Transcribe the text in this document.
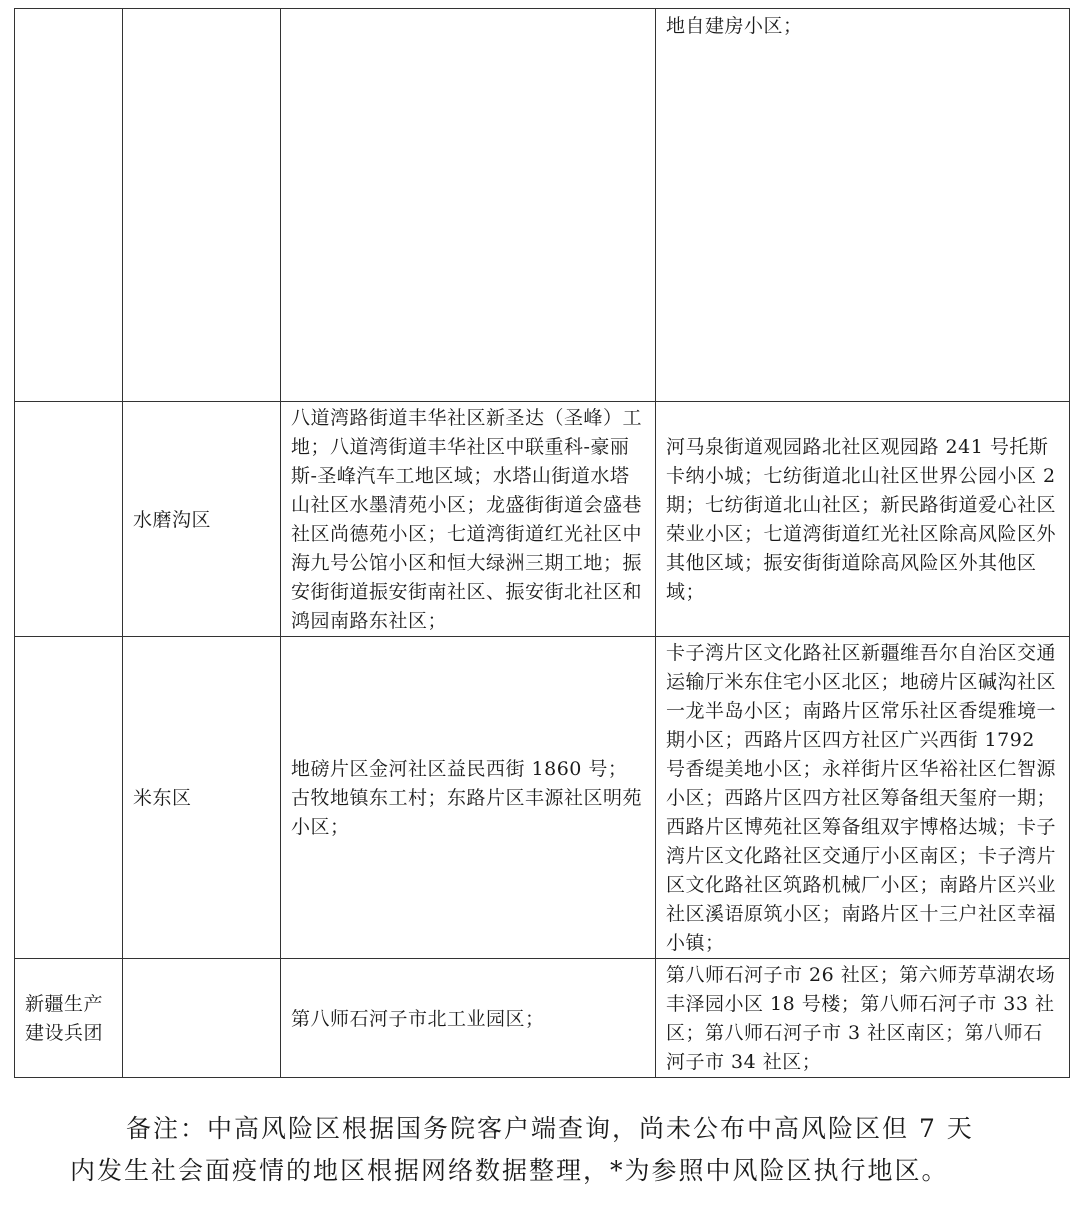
			地自建房小区；

	水磨沟区	八道湾路街道丰华社区新圣达（圣峰）工地；八道湾街道丰华社区中联重科-豪丽斯-圣峰汽车工地区域；水塔山街道水塔山社区水墨清苑小区；龙盛街街道会盛巷社区尚德苑小区；七道湾街道红光社区中海九号公馆小区和恒大绿洲三期工地；振安街街道振安街南社区、振安街北社区和鸿园南路东社区；	河马泉街道观园路北社区观园路 241 号托斯卡纳小城；七纺街道北山社区世界公园小区 2 期；七纺街道北山社区；新民路街道爱心社区荣业小区；七道湾街道红光社区除高风险区外其他区域；振安街街道除高风险区外其他区域；

	米东区	地磅片区金河社区益民西街 1860 号；古牧地镇东工村；东路片区丰源社区明苑小区；	卡子湾片区文化路社区新疆维吾尔自治区交通运输厅米东住宅小区北区；地磅片区碱沟社区一龙半岛小区；南路片区常乐社区香缇雅境一期小区；西路片区四方社区广兴西街 1792 号香缇美地小区；永祥街片区华裕社区仁智源小区；西路片区四方社区筹备组天玺府一期；西路片区博苑社区筹备组双宇博格达城；卡子湾片区文化路社区交通厅小区南区；卡子湾片区文化路社区筑路机械厂小区；南路片区兴业社区溪语原筑小区；南路片区十三户社区幸福小镇；

新疆生产建设兵团		第八师石河子市北工业园区；	第八师石河子市 26 社区；第六师芳草湖农场丰泽园小区 18 号楼；第八师石河子市 33 社区；第八师石河子市 3 社区南区；第八师石河子市 34 社区；

备注：中高风险区根据国务院客户端查询，尚未公布中高风险区但 7 天

内发生社会面疫情的地区根据网络数据整理，*为参照中风险区执行地区。
